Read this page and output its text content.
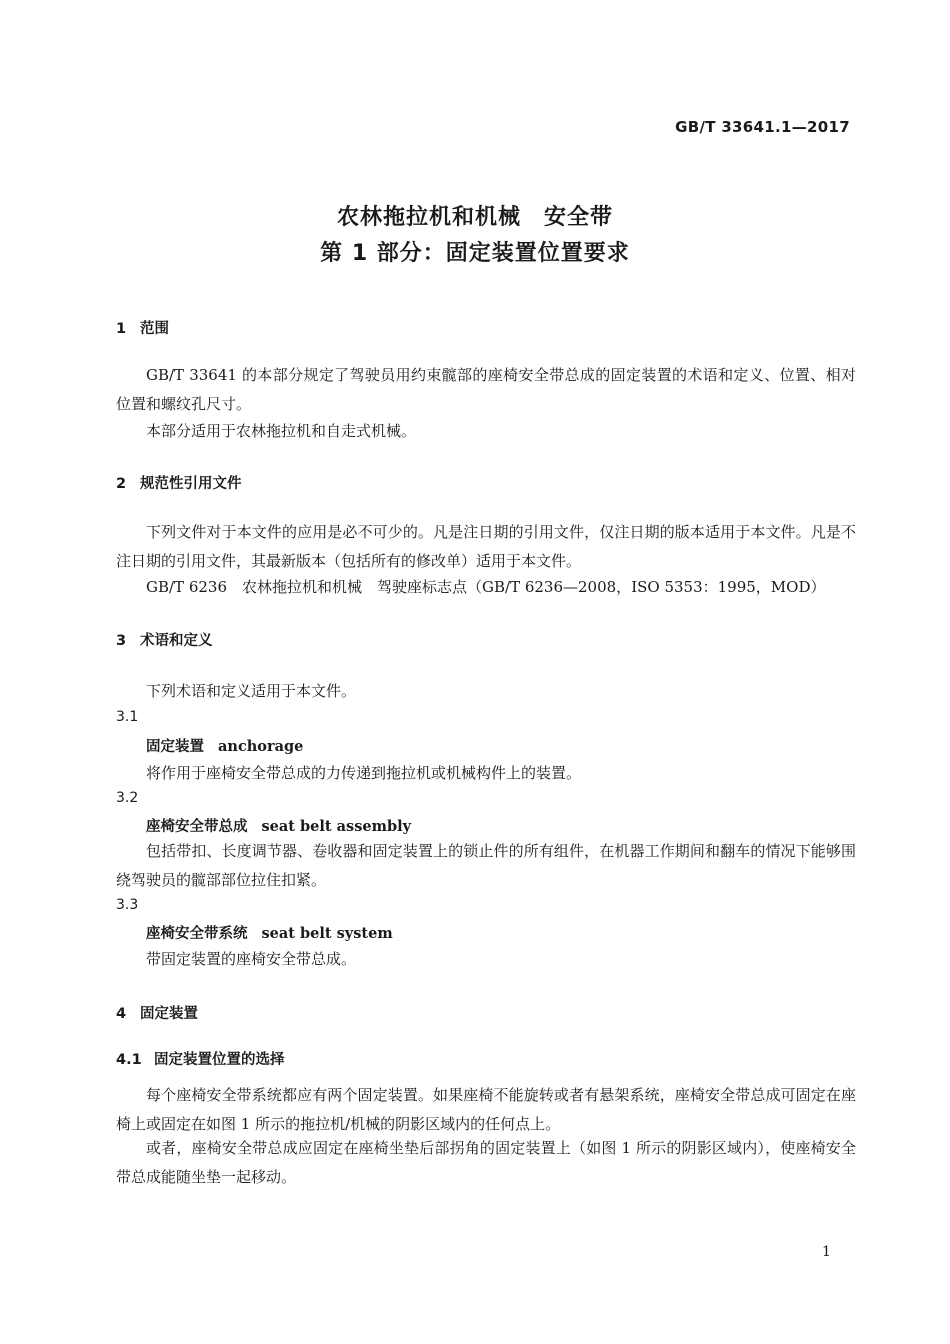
GB/T 33641.1—2017
农林拖拉机和机械　安全带
第 1 部分：固定装置位置要求
1 范围
GB/T 33641 的本部分规定了驾驶员用约束髋部的座椅安全带总成的固定装置的术语和定义、位置、相对位置和螺纹孔尺寸。
本部分适用于农林拖拉机和自走式机械。
2 规范性引用文件
下列文件对于本文件的应用是必不可少的。凡是注日期的引用文件，仅注日期的版本适用于本文件。凡是不注日期的引用文件，其最新版本（包括所有的修改单）适用于本文件。
GB/T 6236　农林拖拉机和机械　驾驶座标志点（GB/T 6236—2008，ISO 5353：1995，MOD）
3 术语和定义
下列术语和定义适用于本文件。
3.1
固定装置 anchorage
将作用于座椅安全带总成的力传递到拖拉机或机械构件上的装置。
3.2
座椅安全带总成 seat belt assembly
包括带扣、长度调节器、卷收器和固定装置上的锁止件的所有组件，在机器工作期间和翻车的情况下能够围绕驾驶员的髋部部位拉住扣紧。
3.3
座椅安全带系统 seat belt system
带固定装置的座椅安全带总成。
4 固定装置
4.1 固定装置位置的选择
每个座椅安全带系统都应有两个固定装置。如果座椅不能旋转或者有悬架系统，座椅安全带总成可固定在座椅上或固定在如图 1 所示的拖拉机/机械的阴影区域内的任何点上。
或者，座椅安全带总成应固定在座椅坐垫后部拐角的固定装置上（如图 1 所示的阴影区域内），使座椅安全带总成能随坐垫一起移动。
1
